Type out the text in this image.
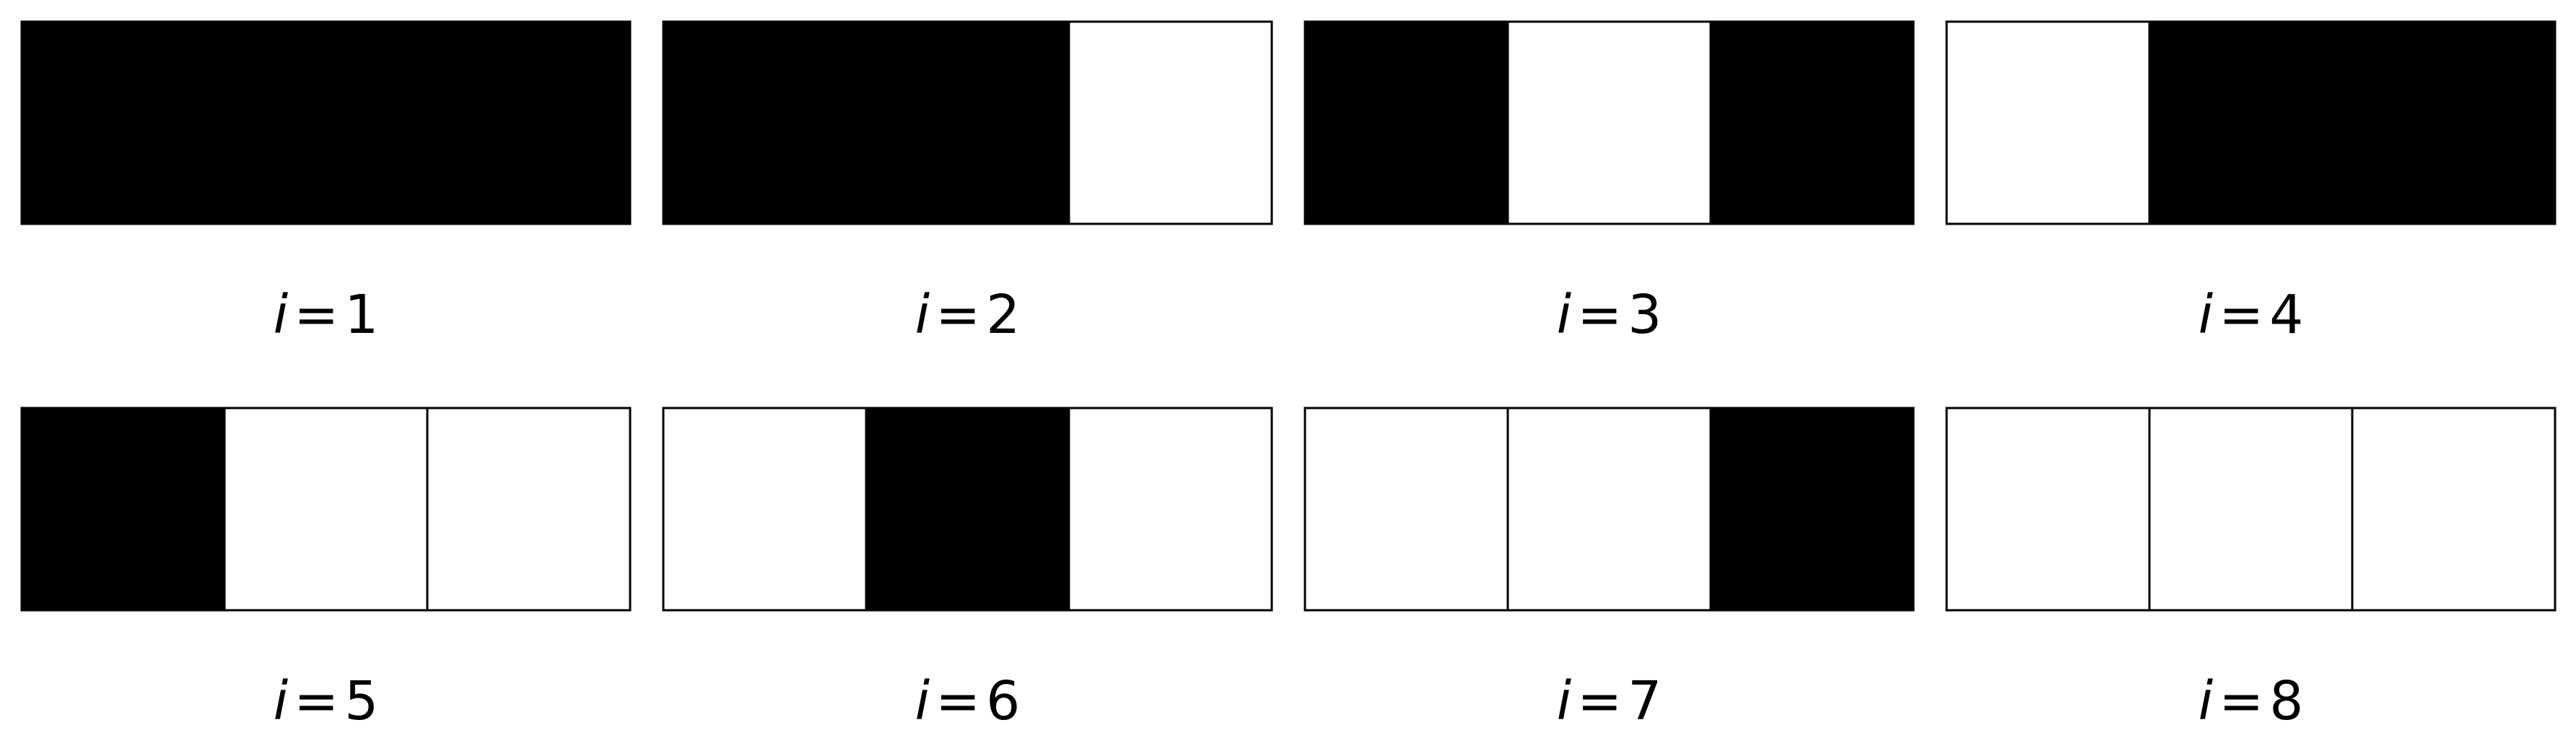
i = 1	i = 2	i = 3	i = 4
i = 5	i = 6	i = 7	i = 8
